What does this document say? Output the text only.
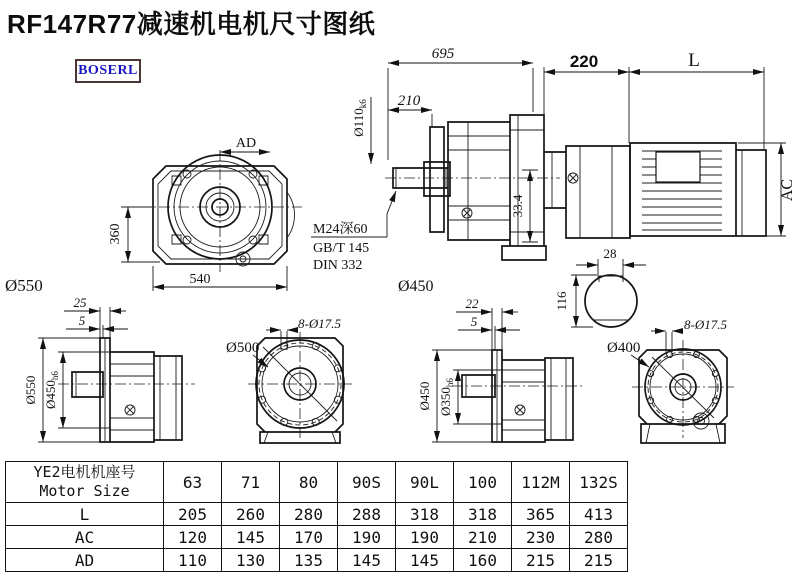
RF147R77减速机电机尺寸图纸
BOSERL
AD
360
540
Ø550
695
210
220	L
AC
$Ø110_{k6}$
33.4
M24深60
GB/T 145
DIN 332
Ø450
28
116
25
5
Ø550 $Ø450_{h6}$
Ø500
8-Ø17.5
22
5
Ø450 $Ø350_{h6}$
Ø400
8-Ø17.5
YE2电机机座号
Motor Size	63	71	80	90S	90L	100	112M	132S
L	205	260	280	288	318	318	365	413
AC	120	145	170	190	190	210	230	280
AD	110	130	135	145	145	160	215	215
